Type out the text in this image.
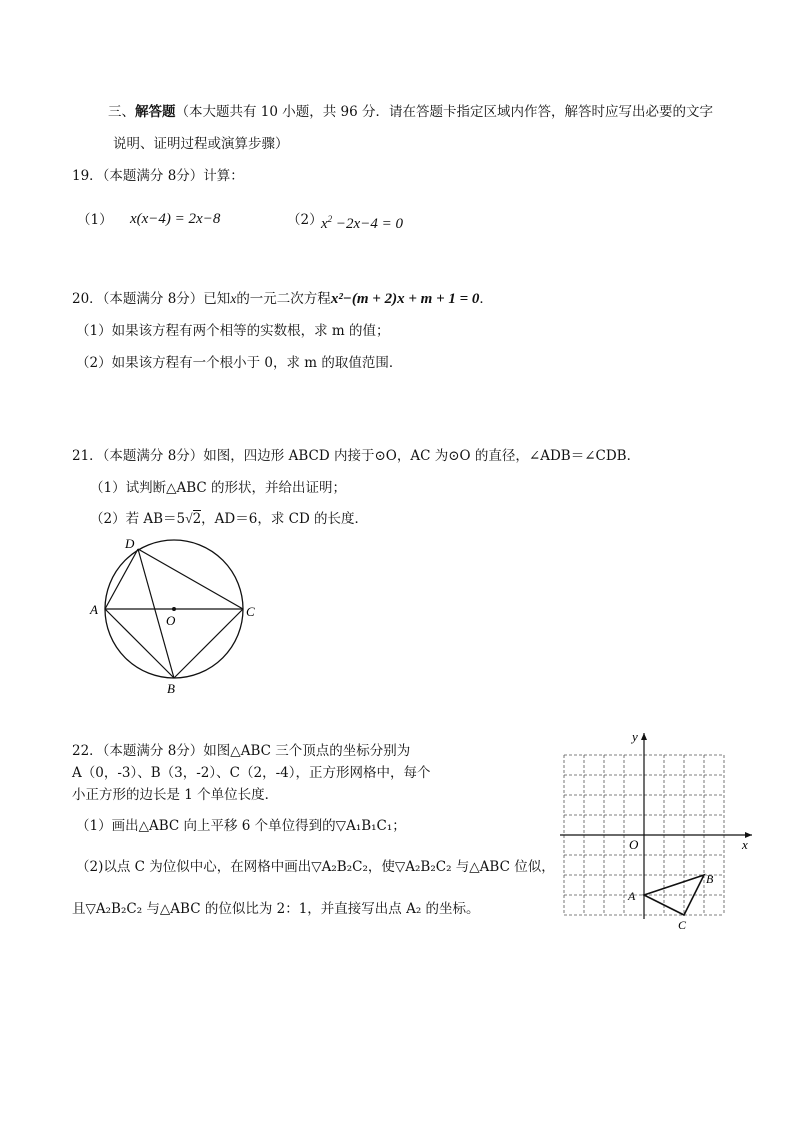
三、解答题（本大题共有 10 小题，共 96 分．请在答题卡指定区域内作答，解答时应写出必要的文字
说明、证明过程或演算步骤）
19．（本题满分 8分）计算：
（1） x(x−4) = 2x−8	（2）
$x^2 -2x-4 = 0$
20．（本题满分 8分）已知x的一元二次方程x²−(m + 2)x + m + 1 = 0．
（1）如果该方程有两个相等的实数根，求 m 的值；
（2）如果该方程有一个根小于 0，求 m 的取值范围．
21．（本题满分 8分）如图，四边形 ABCD 内接于⊙O，AC 为⊙O 的直径，∠ADB＝∠CDB．
（1）试判断△ABC 的形状，并给出证明；
（2）若 AB＝5√2，AD＝6，求 CD 的长度．
A
D
C
O
B
22．（本题满分 8分）如图△ABC 三个顶点的坐标分别为
A（0，-3）、B（3，-2）、C（2，-4），正方形网格中，每个
小正方形的边长是 1 个单位长度．
（1）画出△ABC 向上平移 6 个单位得到的▽A₁B₁C₁；
（2)以点 C 为位似中心，在网格中画出▽A₂B₂C₂，使▽A₂B₂C₂ 与△ABC 位似，
且▽A₂B₂C₂ 与△ABC 的位似比为 2：1，并直接写出点 A₂ 的坐标。
x
y
O
A
B
C
